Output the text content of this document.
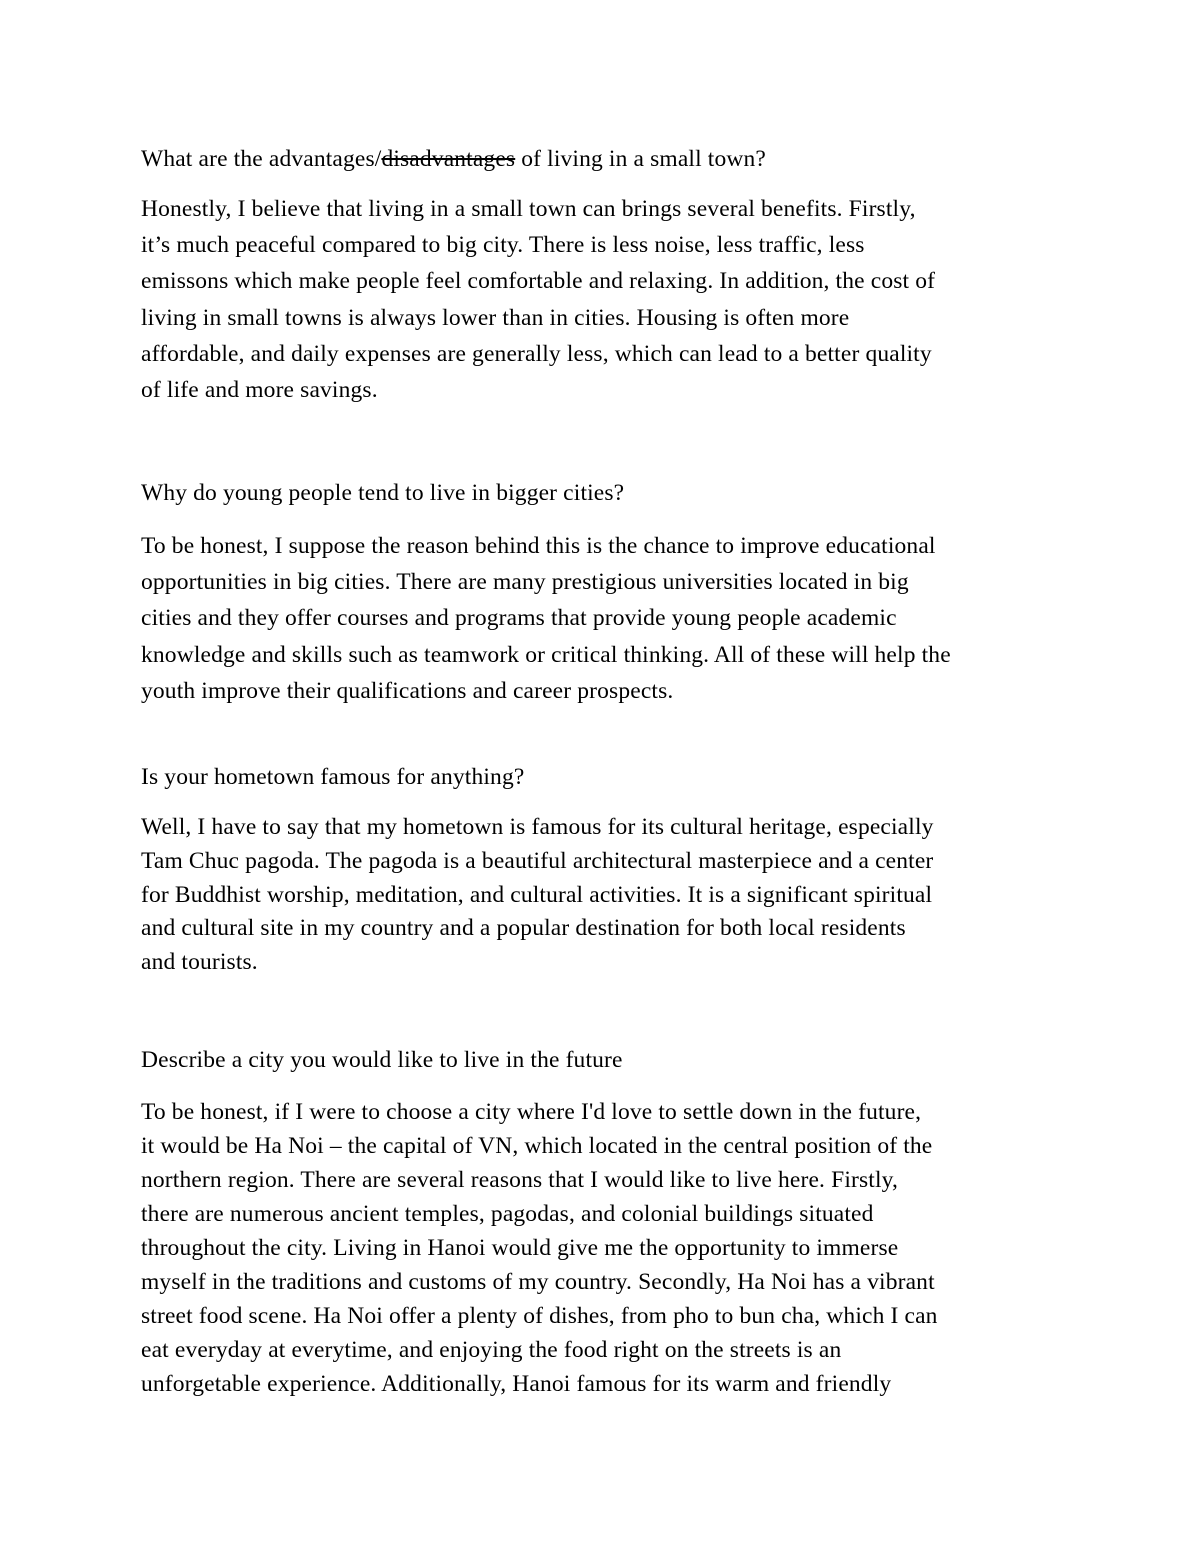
What are the advantages/disadvantages of living in a small town?
Honestly, I believe that living in a small town can brings several benefits. Firstly,
it’s much peaceful compared to big city. There is less noise, less traffic, less
emissons which make people feel comfortable and relaxing. In addition, the cost of
living in small towns is always lower than in cities. Housing is often more
affordable, and daily expenses are generally less, which can lead to a better quality
of life and more savings.
Why do young people tend to live in bigger cities?
To be honest, I suppose the reason behind this is the chance to improve educational
opportunities in big cities. There are many prestigious universities located in big
cities and they offer courses and programs that provide young people academic
knowledge and skills such as teamwork or critical thinking. All of these will help the
youth improve their qualifications and career prospects.
Is your hometown famous for anything?
Well, I have to say that my hometown is famous for its cultural heritage, especially
Tam Chuc pagoda. The pagoda is a beautiful architectural masterpiece and a center
for Buddhist worship, meditation, and cultural activities. It is a significant spiritual
and cultural site in my country and a popular destination for both local residents
and tourists.
Describe a city you would like to live in the future
To be honest, if I were to choose a city where I'd love to settle down in the future,
it would be Ha Noi – the capital of VN, which located in the central position of the
northern region. There are several reasons that I would like to live here. Firstly,
there are numerous ancient temples, pagodas, and colonial buildings situated
throughout the city. Living in Hanoi would give me the opportunity to immerse
myself in the traditions and customs of my country. Secondly, Ha Noi has a vibrant
street food scene. Ha Noi offer a plenty of dishes, from pho to bun cha, which I can
eat everyday at everytime, and enjoying the food right on the streets is an
unforgetable experience. Additionally, Hanoi famous for its warm and friendly
